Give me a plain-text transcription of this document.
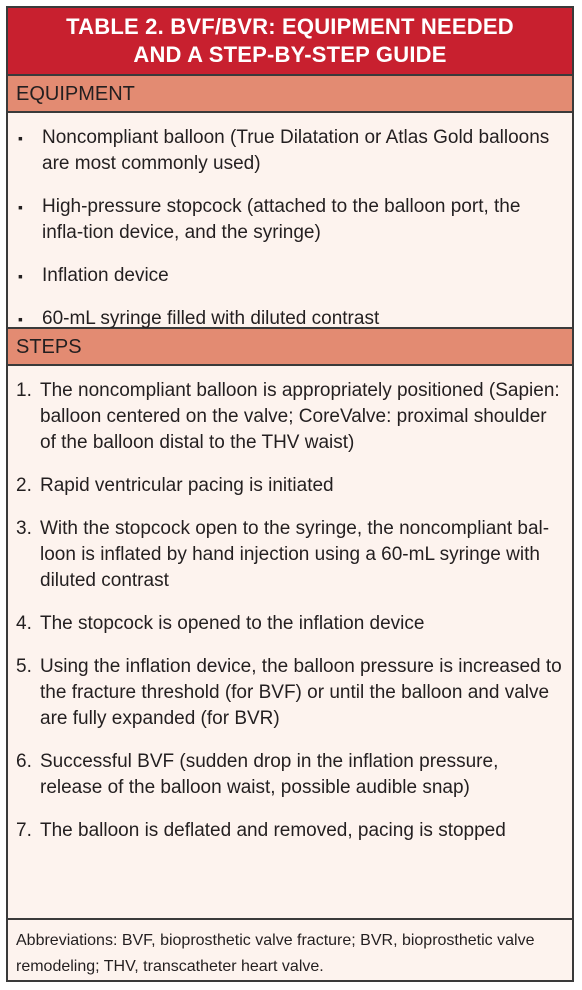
TABLE 2. BVF/BVR: EQUIPMENT NEEDED
AND A STEP-BY-STEP GUIDE
EQUIPMENT
▪	Noncompliant balloon (True Dilatation or Atlas Gold balloons are most commonly used)
▪	High-pressure stopcock (attached to the balloon port, the infla-tion device, and the syringe)
▪	Inflation device
▪	60-mL syringe filled with diluted contrast
STEPS
1. The noncompliant balloon is appropriately positioned (Sapien: balloon centered on the valve; CoreValve: proximal shoulder of the balloon distal to the THV waist)
2. Rapid ventricular pacing is initiated
3. With the stopcock open to the syringe, the noncompliant bal-loon is inflated by hand injection using a 60-mL syringe with diluted contrast
4. The stopcock is opened to the inflation device
5. Using the inflation device, the balloon pressure is increased to the fracture threshold (for BVF) or until the balloon and valve are fully expanded (for BVR)
6. Successful BVF (sudden drop in the inflation pressure, release of the balloon waist, possible audible snap)
7. The balloon is deflated and removed, pacing is stopped
Abbreviations: BVF, bioprosthetic valve fracture; BVR, bioprosthetic valve remodeling; THV, transcatheter heart valve.
